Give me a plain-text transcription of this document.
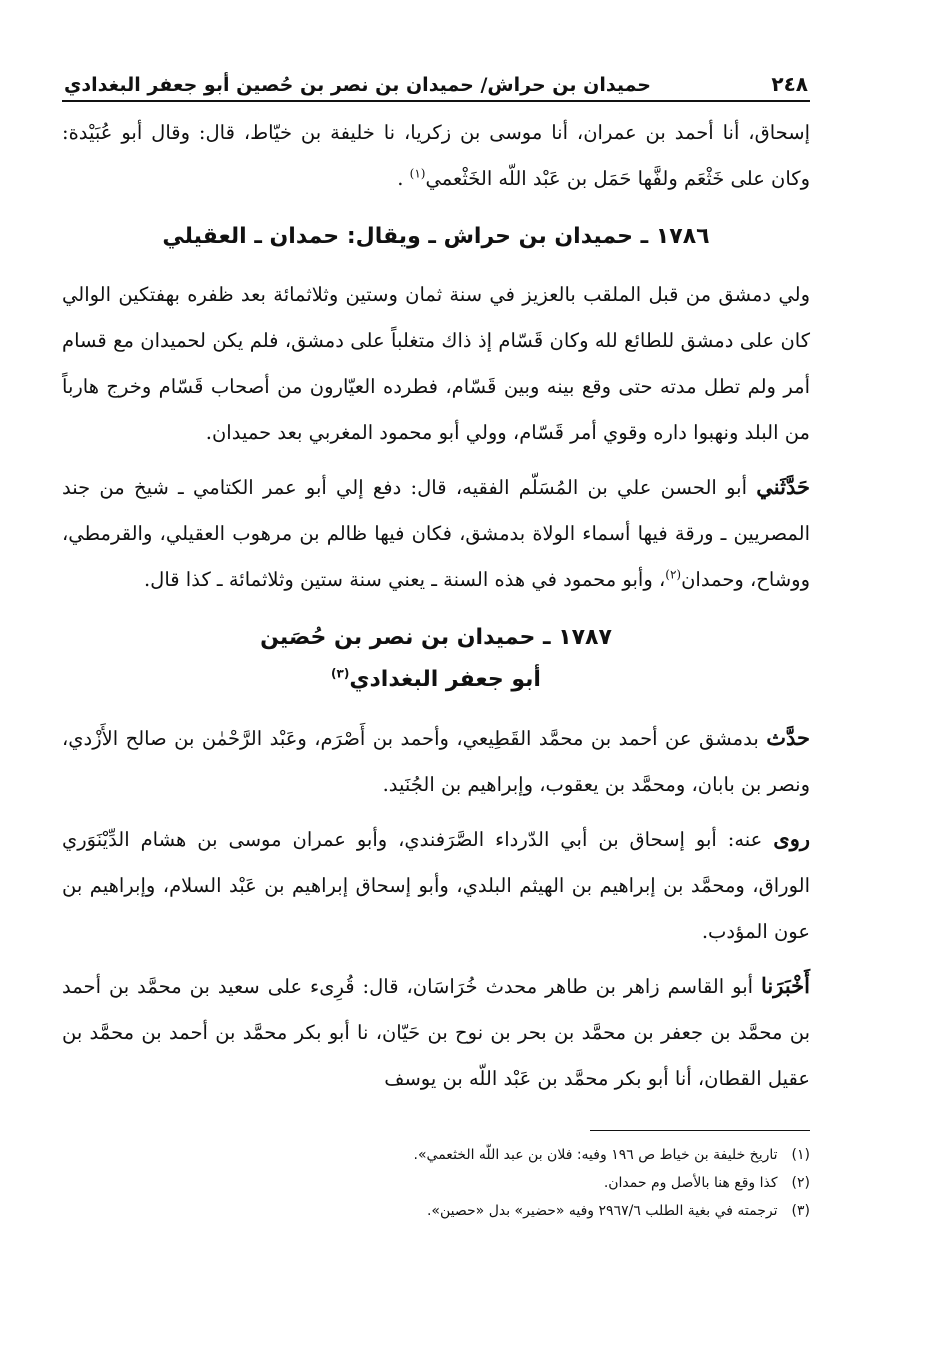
٢٤٨
حميدان بن حراش/ حميدان بن نصر بن حُصين أبو جعفر البغدادي

إسحاق، أنا أحمد بن عمران، أنا موسى بن زكريا، نا خليفة بن خيّاط، قال: وقال أبو عُبَيْدة: وكان على خَثْعَم ولفَّها حَمَل بن عَبْد اللّه الخَثْعمي$^{(١)}$ .

١٧٨٦ ـ حميدان بن حراش ـ ويقال: حمدان ـ العقيلي

ولي دمشق من قبل الملقب بالعزيز في سنة ثمان وستين وثلاثمائة بعد ظفره بهفتكين الوالي كان على دمشق للطائع لله وكان قَسّام إذ ذاك متغلباً على دمشق، فلم يكن لحميدان مع قسام أمر ولم تطل مدته حتى وقع بينه وبين قَسّام، فطرده العيّارون من أصحاب قَسّام وخرج هارباً من البلد ونهبوا داره وقوي أمر قَسّام، وولي أبو محمود المغربي بعد حميدان.

حَدَّثَني أبو الحسن علي بن المُسَلّم الفقيه، قال: دفع إلي أبو عمر الكتامي ـ شيخ من جند المصريين ـ ورقة فيها أسماء الولاة بدمشق، فكان فيها ظالم بن مرهوب العقيلي، والقرمطي، ووشاح، وحمدان$^{(٢)}$، وأبو محمود في هذه السنة ـ يعني سنة ستين وثلاثمائة ـ كذا قال.

١٧٨٧ ـ حميدان بن نصر بن حُصَين
أبو جعفر البغدادي$^{(٣)}$

حدَّث بدمشق عن أحمد بن محمَّد القَطِيعي، وأحمد بن أَصْرَم، وعَبْد الرَّحْمٰن بن صالح الأَزْدي، ونصر بن بابان، ومحمَّد بن يعقوب، وإبراهيم بن الجُنَيد.

روى عنه: أبو إسحاق بن أبي الدّرداء الصَّرَفندي، وأبو عمران موسى بن هشام الدِّيْنَوَري الوراق، ومحمَّد بن إبراهيم بن الهيثم البلدي، وأبو إسحاق إبراهيم بن عَبْد السلام، وإبراهيم بن عون المؤدب.

أَخْبَرَنا أبو القاسم زاهر بن طاهر محدث خُرَاسَان، قال: قُرِىء على سعيد بن محمَّد بن أحمد بن محمَّد بن جعفر بن محمَّد بن بحر بن نوح بن حَيّان، نا أبو بكر محمَّد بن أحمد بن محمَّد بن عقيل القطان، أنا أبو بكر محمَّد بن عَبْد اللّه بن يوسف

(١)
تاريخ خليفة بن خياط ص ١٩٦ وفيه: فلان بن عبد اللّه الخثعمي».
(٢)
كذا وقع هنا بالأصل وم حمدان.
(٣)
ترجمته في بغية الطلب ٢٩٦٧/٦ وفيه «حضير» بدل «حصين».
